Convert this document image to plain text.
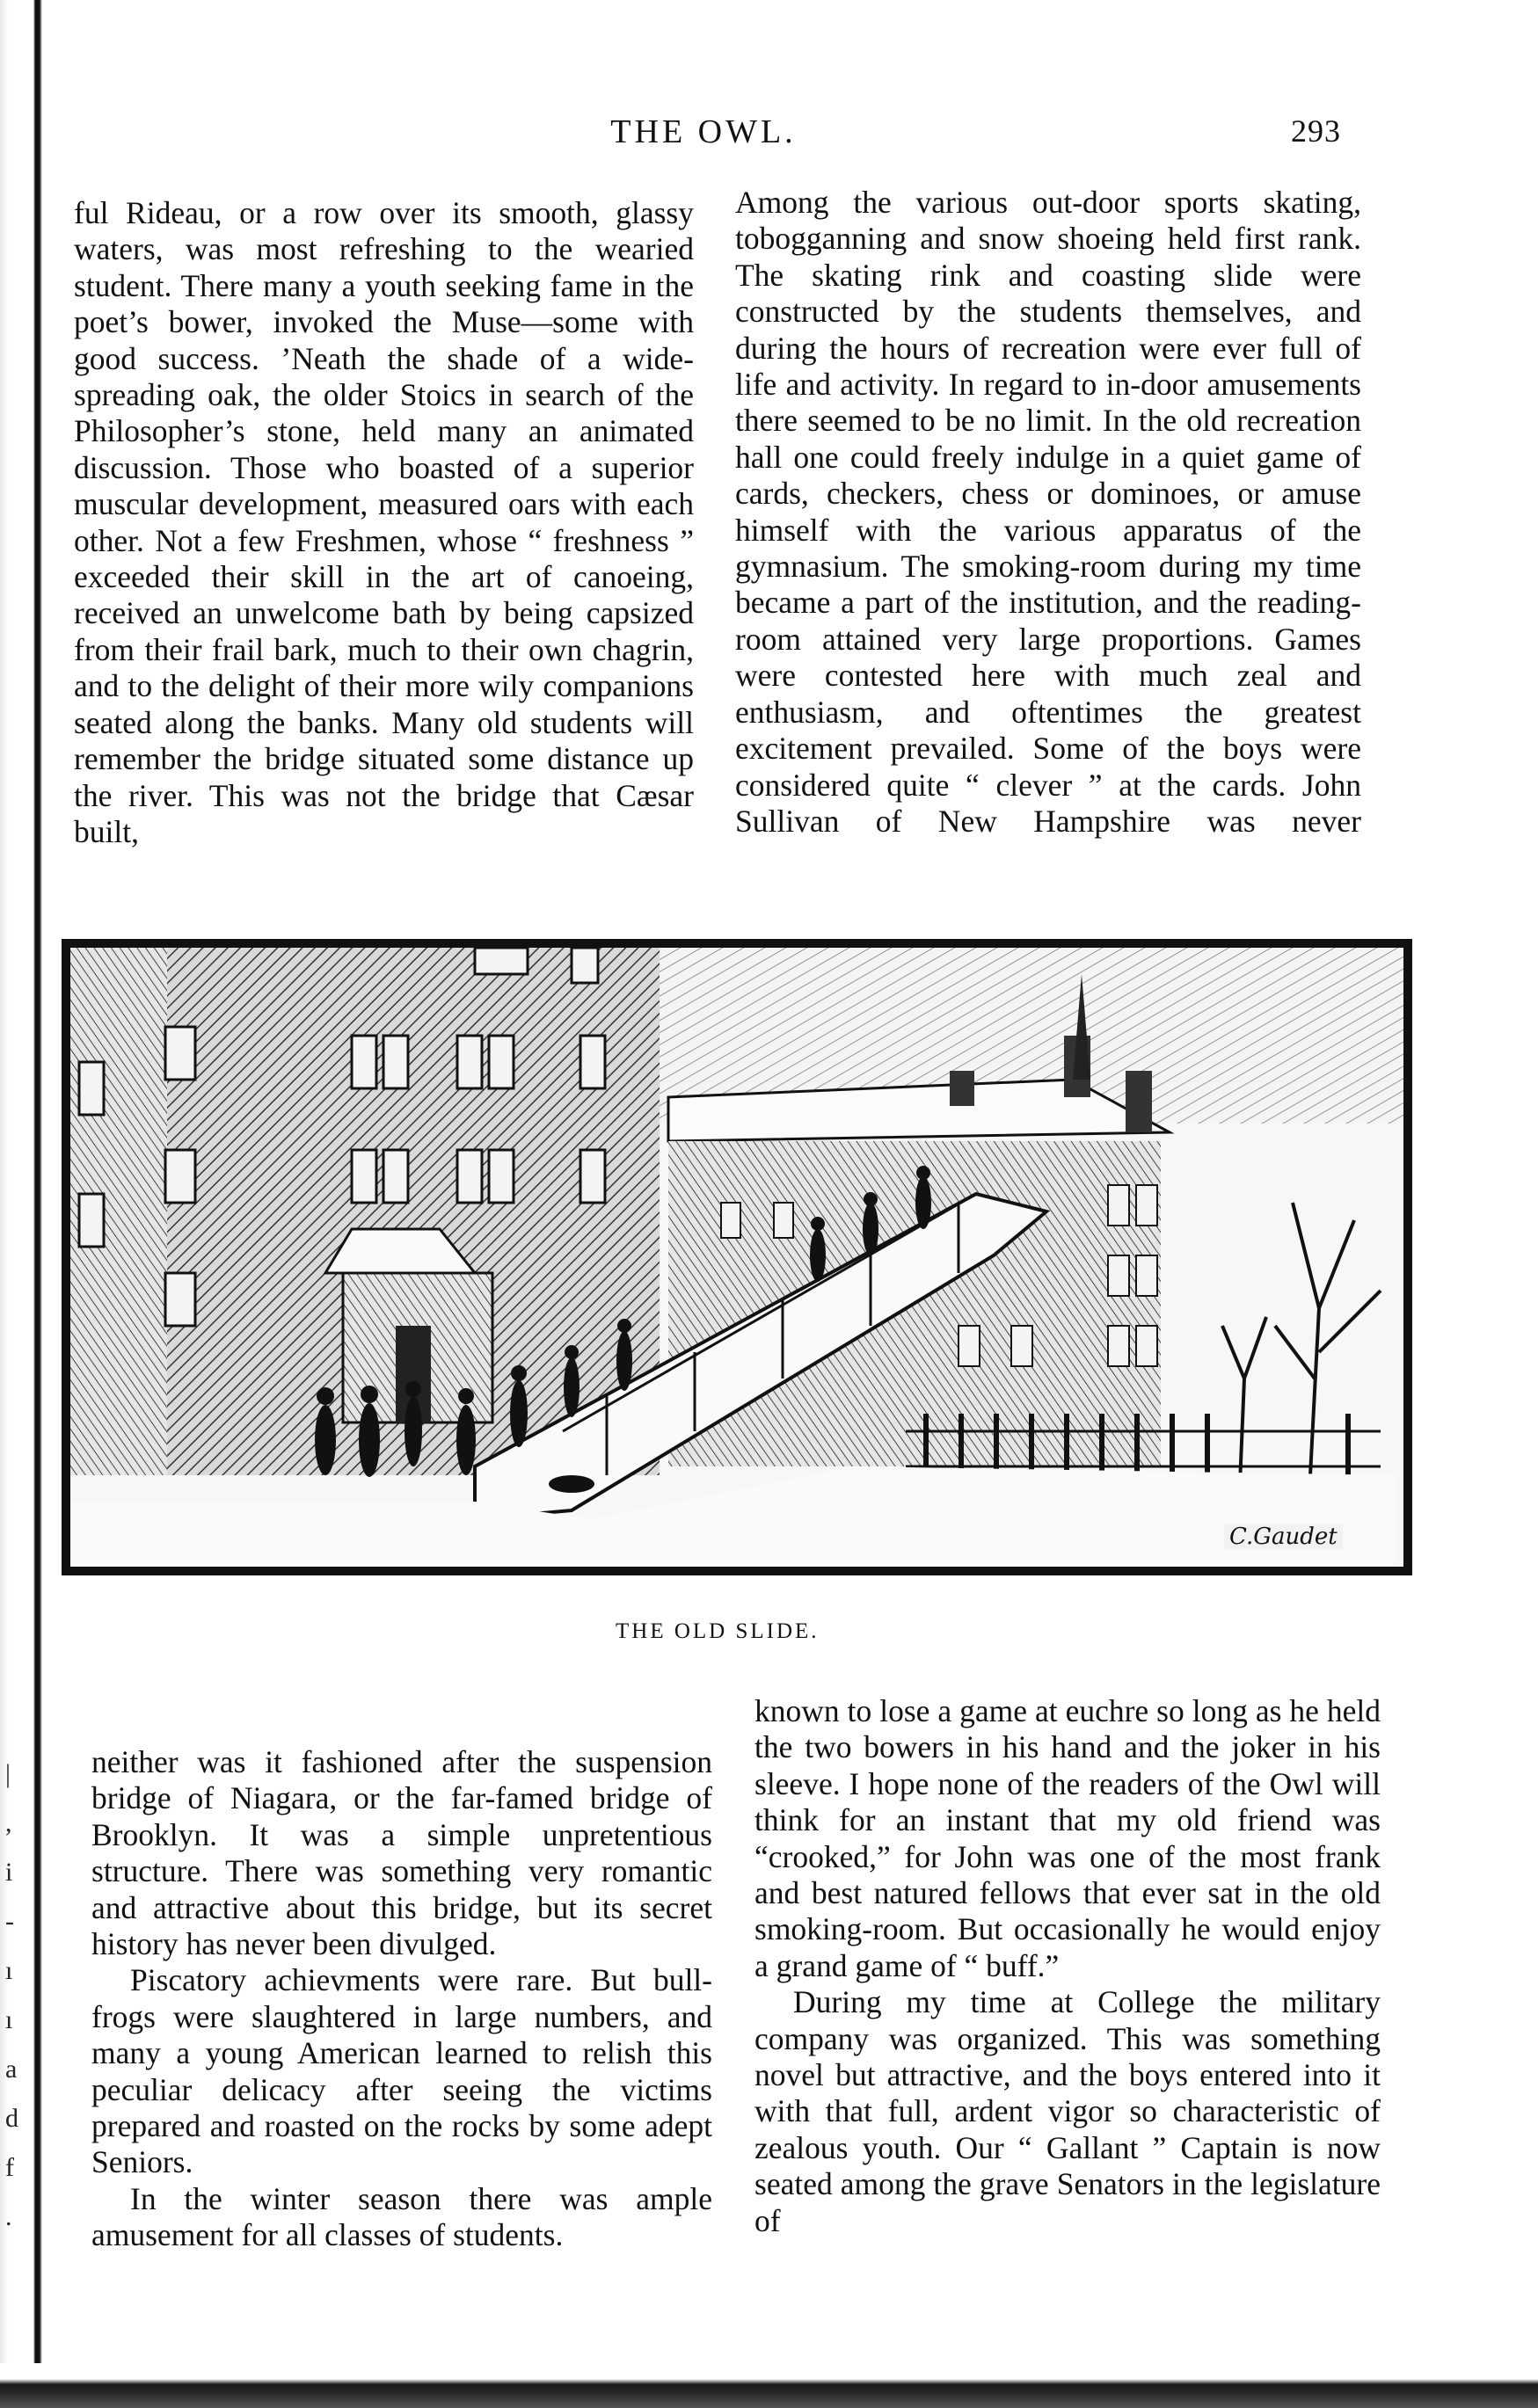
|
,
i
-
ı
ı
a
d
f
.
THE OWL.	293

ful Rideau, or a row over its smooth, glassy waters, was most refreshing to the wearied student. There many a youth seeking fame in the poet’s bower, invoked the Muse—some with good success. ’Neath the shade of a wide-spreading oak, the older Stoics in search of the Philosopher’s stone, held many an animated discussion. Those who boasted of a superior muscular development, measured oars with each other. Not a few Freshmen, whose “ freshness ” exceeded their skill in the art of canoeing, received an unwelcome bath by being capsized from their frail bark, much to their own chagrin, and to the delight of their more wily companions seated along the banks. Many old students will remember the bridge situated some distance up the river. This was not the bridge that Cæsar built,

Among the various out-door sports skating, tobogganning and snow shoeing held first rank. The skating rink and coasting slide were constructed by the students themselves, and during the hours of recreation were ever full of life and activity. In regard to in-door amusements there seemed to be no limit. In the old recreation hall one could freely indulge in a quiet game of cards, checkers, chess or dominoes, or amuse himself with the various apparatus of the gymnasium. The smoking-room during my time became a part of the institution, and the reading-room attained very large proportions. Games were contested here with much zeal and enthusiasm, and oftentimes the greatest excitement prevailed. Some of the boys were considered quite “ clever ” at the cards. John Sullivan of New Hampshire was never

C.Gaudet
THE OLD SLIDE.

neither was it fashioned after the suspension bridge of Niagara, or the far-famed bridge of Brooklyn. It was a simple unpretentious structure. There was something very romantic and attractive about this bridge, but its secret history has never been divulged.

Piscatory achievments were rare. But bull-frogs were slaughtered in large numbers, and many a young American learned to relish this peculiar delicacy after seeing the victims prepared and roasted on the rocks by some adept Seniors.

In the winter season there was ample amusement for all classes of students.

known to lose a game at euchre so long as he held the two bowers in his hand and the joker in his sleeve. I hope none of the readers of the Owl will think for an instant that my old friend was “crooked,” for John was one of the most frank and best natured fellows that ever sat in the old smoking-room. But occasionally he would enjoy a grand game of “ buff.”

During my time at College the military company was organized. This was something novel but attractive, and the boys entered into it with that full, ardent vigor so characteristic of zealous youth. Our “ Gallant ” Captain is now seated among the grave Senators in the legislature of
